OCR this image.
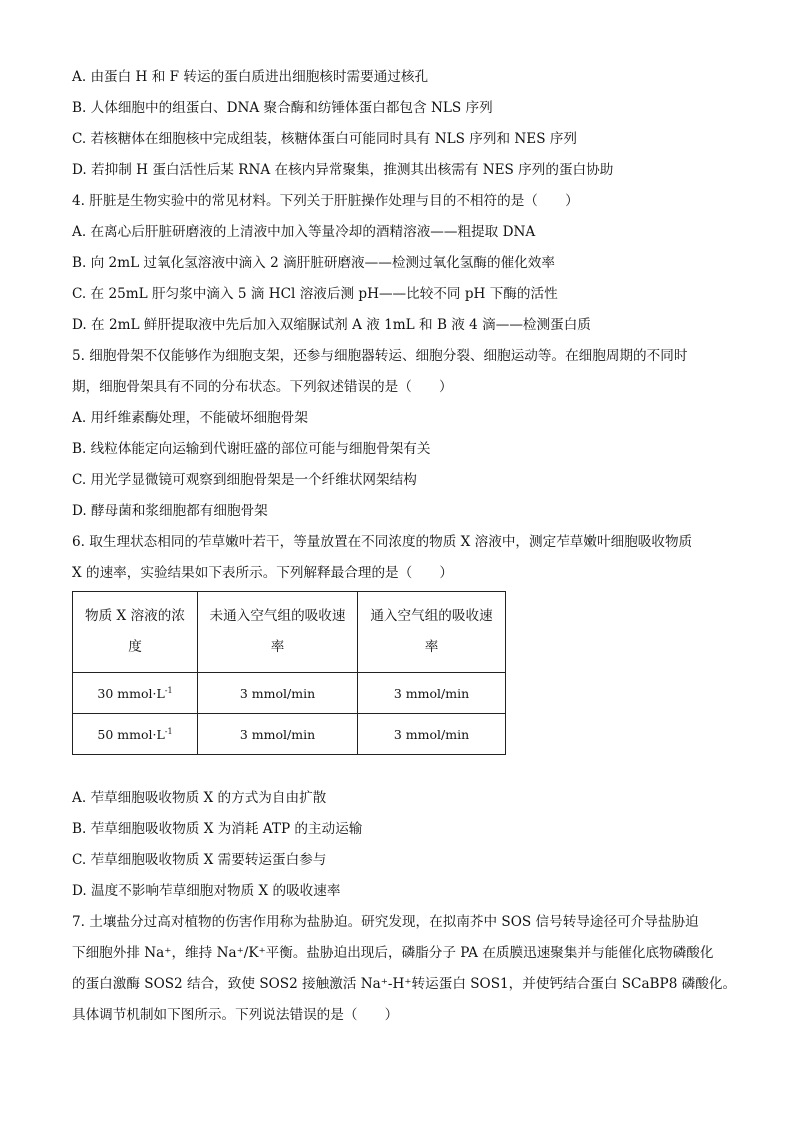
A. 由蛋白 H 和 F 转运的蛋白质进出细胞核时需要通过核孔
B. 人体细胞中的组蛋白、DNA 聚合酶和纺锤体蛋白都包含 NLS 序列
C. 若核糖体在细胞核中完成组装，核糖体蛋白可能同时具有 NLS 序列和 NES 序列
D. 若抑制 H 蛋白活性后某 RNA 在核内异常聚集，推测其出核需有 NES 序列的蛋白协助
4. 肝脏是生物实验中的常见材料。下列关于肝脏操作处理与目的不相符的是（　　）
A. 在离心后肝脏研磨液的上清液中加入等量冷却的酒精溶液——粗提取 DNA
B. 向 2mL 过氧化氢溶液中滴入 2 滴肝脏研磨液——检测过氧化氢酶的催化效率
C. 在 25mL 肝匀浆中滴入 5 滴 HCl 溶液后测 pH——比较不同 pH 下酶的活性
D. 在 2mL 鲜肝提取液中先后加入双缩脲试剂 A 液 1mL 和 B 液 4 滴——检测蛋白质
5. 细胞骨架不仅能够作为细胞支架，还参与细胞器转运、细胞分裂、细胞运动等。在细胞周期的不同时
期，细胞骨架具有不同的分布状态。下列叙述错误的是（　　）
A. 用纤维素酶处理，不能破坏细胞骨架
B. 线粒体能定向运输到代谢旺盛的部位可能与细胞骨架有关
C. 用光学显微镜可观察到细胞骨架是一个纤维状网架结构
D. 酵母菌和浆细胞都有细胞骨架
6. 取生理状态相同的苲草嫩叶若干，等量放置在不同浓度的物质 X 溶液中，测定苲草嫩叶细胞吸收物质
X 的速率，实验结果如下表所示。下列解释最合理的是（　　）
物质 X 溶液的浓度	未通入空气组的吸收速率	通入空气组的吸收速率
30 $mmol\cdot L^{-1}$	3 mmol/min	3 mmol/min
50 $mmol\cdot L^{-1}$	3 mmol/min	3 mmol/min
A. 苲草细胞吸收物质 X 的方式为自由扩散
B. 苲草细胞吸收物质 X 为消耗 ATP 的主动运输
C. 苲草细胞吸收物质 X 需要转运蛋白参与
D. 温度不影响苲草细胞对物质 X 的吸收速率
7. 土壤盐分过高对植物的伤害作用称为盐胁迫。研究发现，在拟南芥中 SOS 信号转导途径可介导盐胁迫
下细胞外排 Na⁺，维持 Na⁺/K⁺平衡。盐胁迫出现后，磷脂分子 PA 在质膜迅速聚集并与能催化底物磷酸化
的蛋白激酶 SOS2 结合，致使 SOS2 接触激活 Na⁺-H⁺转运蛋白 SOS1，并使钙结合蛋白 SCaBP8 磷酸化。
具体调节机制如下图所示。下列说法错误的是（　　）
